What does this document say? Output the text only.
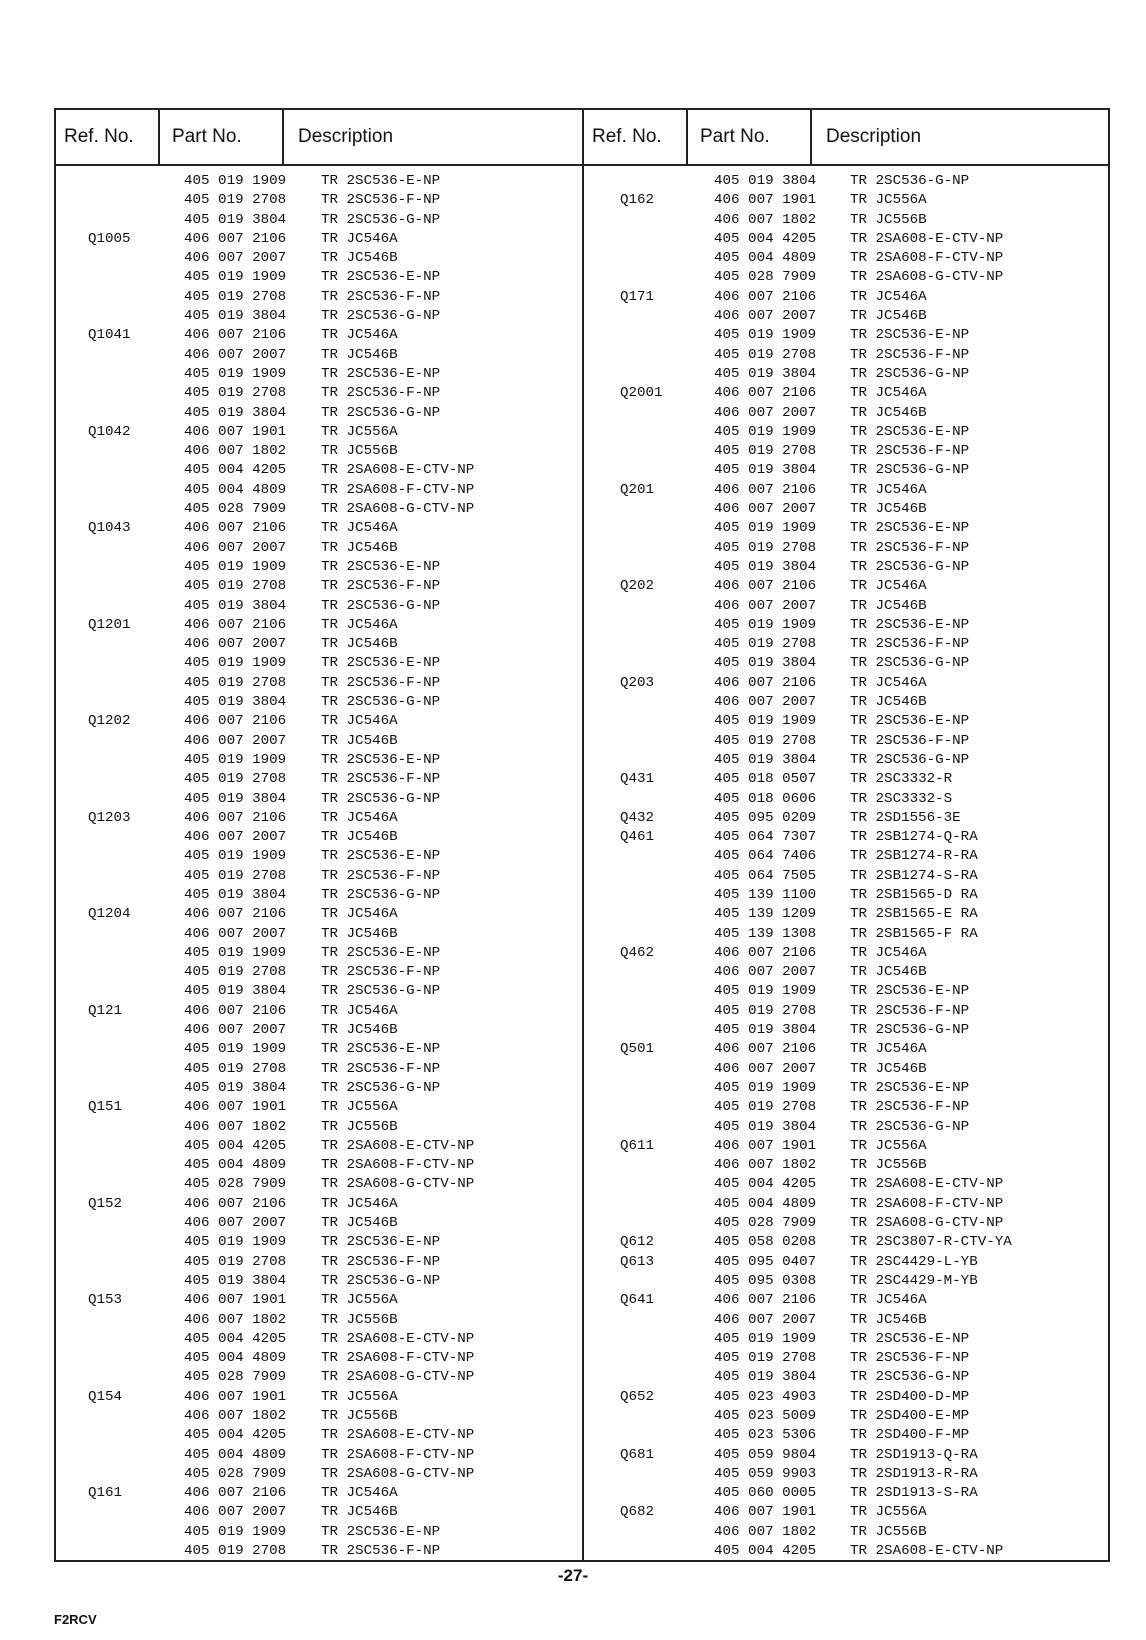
Ref. No.	Part No.	Description
405 019 1909 TR 2SC536-E-NP
405 019 2708 TR 2SC536-F-NP
405 019 3804 TR 2SC536-G-NP
Q1005	406 007 2106 TR JC546A
406 007 2007 TR JC546B
405 019 1909 TR 2SC536-E-NP
405 019 2708 TR 2SC536-F-NP
405 019 3804 TR 2SC536-G-NP
Q1041	406 007 2106 TR JC546A
406 007 2007 TR JC546B
405 019 1909 TR 2SC536-E-NP
405 019 2708 TR 2SC536-F-NP
405 019 3804 TR 2SC536-G-NP
Q1042	406 007 1901 TR JC556A
406 007 1802 TR JC556B
405 004 4205 TR 2SA608-E-CTV-NP
405 004 4809 TR 2SA608-F-CTV-NP
405 028 7909 TR 2SA608-G-CTV-NP
Q1043	406 007 2106 TR JC546A
406 007 2007 TR JC546B
405 019 1909 TR 2SC536-E-NP
405 019 2708 TR 2SC536-F-NP
405 019 3804 TR 2SC536-G-NP
Q1201	406 007 2106 TR JC546A
406 007 2007 TR JC546B
405 019 1909 TR 2SC536-E-NP
405 019 2708 TR 2SC536-F-NP
405 019 3804 TR 2SC536-G-NP
Q1202	406 007 2106 TR JC546A
406 007 2007 TR JC546B
405 019 1909 TR 2SC536-E-NP
405 019 2708 TR 2SC536-F-NP
405 019 3804 TR 2SC536-G-NP
Q1203	406 007 2106 TR JC546A
406 007 2007 TR JC546B
405 019 1909 TR 2SC536-E-NP
405 019 2708 TR 2SC536-F-NP
405 019 3804 TR 2SC536-G-NP
Q1204	406 007 2106 TR JC546A
406 007 2007 TR JC546B
405 019 1909 TR 2SC536-E-NP
405 019 2708 TR 2SC536-F-NP
405 019 3804 TR 2SC536-G-NP
Q121	406 007 2106 TR JC546A
406 007 2007 TR JC546B
405 019 1909 TR 2SC536-E-NP
405 019 2708 TR 2SC536-F-NP
405 019 3804 TR 2SC536-G-NP
Q151	406 007 1901 TR JC556A
406 007 1802 TR JC556B
405 004 4205 TR 2SA608-E-CTV-NP
405 004 4809 TR 2SA608-F-CTV-NP
405 028 7909 TR 2SA608-G-CTV-NP
Q152	406 007 2106 TR JC546A
406 007 2007 TR JC546B
405 019 1909 TR 2SC536-E-NP
405 019 2708 TR 2SC536-F-NP
405 019 3804 TR 2SC536-G-NP
Q153	406 007 1901 TR JC556A
406 007 1802 TR JC556B
405 004 4205 TR 2SA608-E-CTV-NP
405 004 4809 TR 2SA608-F-CTV-NP
405 028 7909 TR 2SA608-G-CTV-NP
Q154	406 007 1901 TR JC556A
406 007 1802 TR JC556B
405 004 4205 TR 2SA608-E-CTV-NP
405 004 4809 TR 2SA608-F-CTV-NP
405 028 7909 TR 2SA608-G-CTV-NP
Q161	406 007 2106 TR JC546A
406 007 2007 TR JC546B
405 019 1909 TR 2SC536-E-NP
405 019 2708 TR 2SC536-F-NP
Ref. No.	Part No.	Description
405 019 3804 TR 2SC536-G-NP
Q162	406 007 1901 TR JC556A
406 007 1802 TR JC556B
405 004 4205 TR 2SA608-E-CTV-NP
405 004 4809 TR 2SA608-F-CTV-NP
405 028 7909 TR 2SA608-G-CTV-NP
Q171	406 007 2106 TR JC546A
406 007 2007 TR JC546B
405 019 1909 TR 2SC536-E-NP
405 019 2708 TR 2SC536-F-NP
405 019 3804 TR 2SC536-G-NP
Q2001	406 007 2106 TR JC546A
406 007 2007 TR JC546B
405 019 1909 TR 2SC536-E-NP
405 019 2708 TR 2SC536-F-NP
405 019 3804 TR 2SC536-G-NP
Q201	406 007 2106 TR JC546A
406 007 2007 TR JC546B
405 019 1909 TR 2SC536-E-NP
405 019 2708 TR 2SC536-F-NP
405 019 3804 TR 2SC536-G-NP
Q202	406 007 2106 TR JC546A
406 007 2007 TR JC546B
405 019 1909 TR 2SC536-E-NP
405 019 2708 TR 2SC536-F-NP
405 019 3804 TR 2SC536-G-NP
Q203	406 007 2106 TR JC546A
406 007 2007 TR JC546B
405 019 1909 TR 2SC536-E-NP
405 019 2708 TR 2SC536-F-NP
405 019 3804 TR 2SC536-G-NP
Q431	405 018 0507 TR 2SC3332-R
405 018 0606 TR 2SC3332-S
Q432	405 095 0209 TR 2SD1556-3E
Q461	405 064 7307 TR 2SB1274-Q-RA
405 064 7406 TR 2SB1274-R-RA
405 064 7505 TR 2SB1274-S-RA
405 139 1100 TR 2SB1565-D RA
405 139 1209 TR 2SB1565-E RA
405 139 1308 TR 2SB1565-F RA
Q462	406 007 2106 TR JC546A
406 007 2007 TR JC546B
405 019 1909 TR 2SC536-E-NP
405 019 2708 TR 2SC536-F-NP
405 019 3804 TR 2SC536-G-NP
Q501	406 007 2106 TR JC546A
406 007 2007 TR JC546B
405 019 1909 TR 2SC536-E-NP
405 019 2708 TR 2SC536-F-NP
405 019 3804 TR 2SC536-G-NP
Q611	406 007 1901 TR JC556A
406 007 1802 TR JC556B
405 004 4205 TR 2SA608-E-CTV-NP
405 004 4809 TR 2SA608-F-CTV-NP
405 028 7909 TR 2SA608-G-CTV-NP
Q612	405 058 0208 TR 2SC3807-R-CTV-YA
Q613	405 095 0407 TR 2SC4429-L-YB
405 095 0308 TR 2SC4429-M-YB
Q641	406 007 2106 TR JC546A
406 007 2007 TR JC546B
405 019 1909 TR 2SC536-E-NP
405 019 2708 TR 2SC536-F-NP
405 019 3804 TR 2SC536-G-NP
Q652	405 023 4903 TR 2SD400-D-MP
405 023 5009 TR 2SD400-E-MP
405 023 5306 TR 2SD400-F-MP
Q681	405 059 9804 TR 2SD1913-Q-RA
405 059 9903 TR 2SD1913-R-RA
405 060 0005 TR 2SD1913-S-RA
Q682	406 007 1901 TR JC556A
406 007 1802 TR JC556B
405 004 4205 TR 2SA608-E-CTV-NP
-27-
F2RCV
